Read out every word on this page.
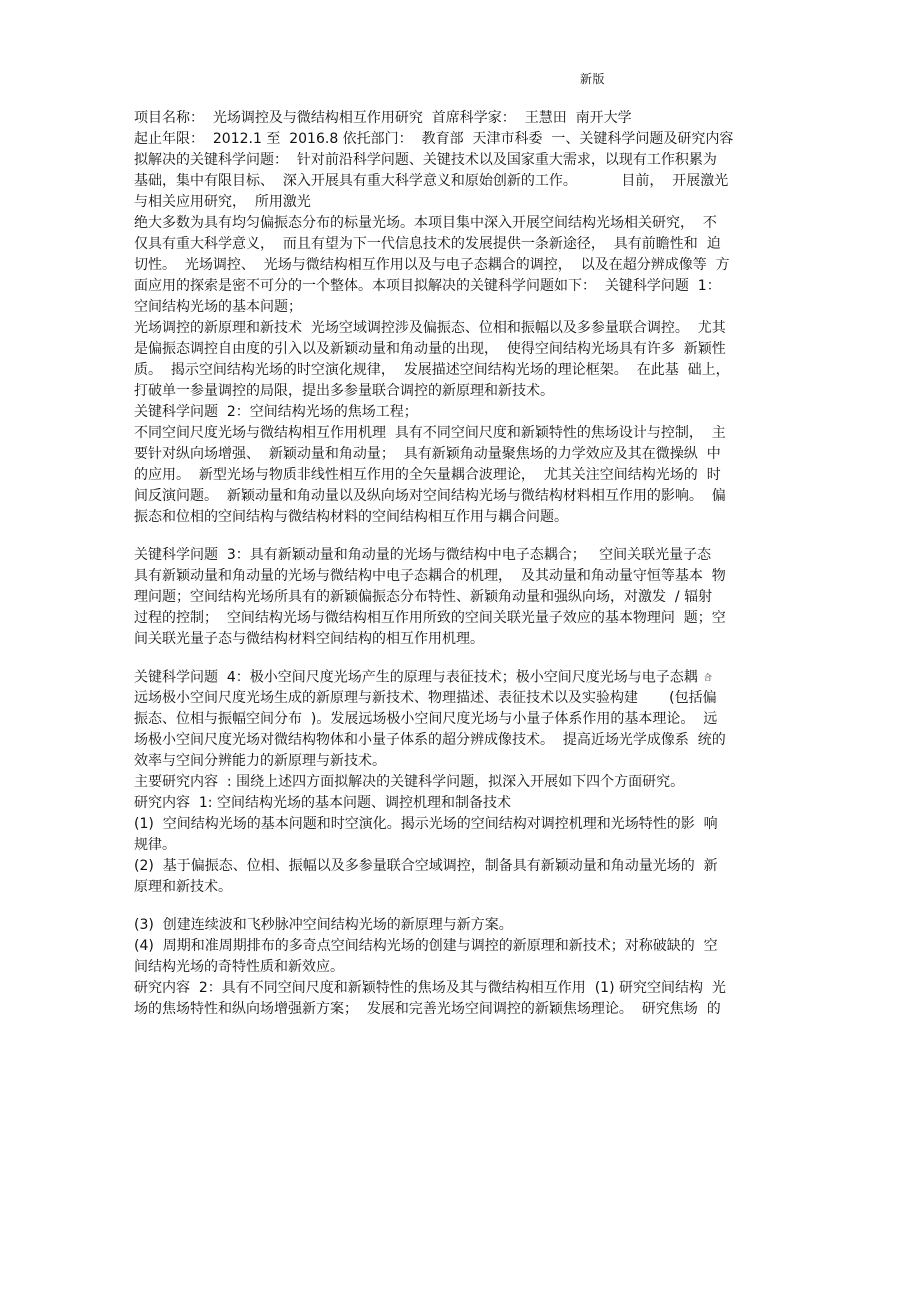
新版
项目名称：  光场调控及与微结构相互作用研究  首席科学家：  王慧田  南开大学
起止年限：  2012.1 至  2016.8 依托部门：  教育部  天津市科委  一、关键科学问题及研究内容
拟解决的关键科学问题：  针对前沿科学问题、关键技术以及国家重大需求，以现有工作积累为
基础，集中有限目标、  深入开展具有重大科学意义和原始创新的工作。          目前，  开展激光
与相关应用研究，  所用激光
绝大多数为具有均匀偏振态分布的标量光场。本项目集中深入开展空间结构光场相关研究，  不
仅具有重大科学意义，  而且有望为下一代信息技术的发展提供一条新途径，  具有前瞻性和  迫
切性。  光场调控、  光场与微结构相互作用以及与电子态耦合的调控，  以及在超分辨成像等  方
面应用的探索是密不可分的一个整体。本项目拟解决的关键科学问题如下：  关键科学问题  1：
空间结构光场的基本问题；
光场调控的新原理和新技术  光场空域调控涉及偏振态、位相和振幅以及多参量联合调控。  尤其
是偏振态调控自由度的引入以及新颖动量和角动量的出现，  使得空间结构光场具有许多  新颖性
质。  揭示空间结构光场的时空演化规律，  发展描述空间结构光场的理论框架。  在此基  础上，
打破单一参量调控的局限，提出多参量联合调控的新原理和新技术。
关键科学问题  2：空间结构光场的焦场工程；
不同空间尺度光场与微结构相互作用机理  具有不同空间尺度和新颖特性的焦场设计与控制，  主
要针对纵向场增强、  新颖动量和角动量；  具有新颖角动量聚焦场的力学效应及其在微操纵  中
的应用。  新型光场与物质非线性相互作用的全矢量耦合波理论，  尤其关注空间结构光场的  时
间反演问题。  新颖动量和角动量以及纵向场对空间结构光场与微结构材料相互作用的影响。  偏
振态和位相的空间结构与微结构材料的空间结构相互作用与耦合问题。
关键科学问题  3：具有新颖动量和角动量的光场与微结构中电子态耦合；   空间关联光量子态
具有新颖动量和角动量的光场与微结构中电子态耦合的机理，  及其动量和角动量守恒等基本  物
理问题；空间结构光场所具有的新颖偏振态分布特性、新颖角动量和强纵向场，对激发  / 辐射
过程的控制；  空间结构光场与微结构相互作用所致的空间关联光量子效应的基本物理问  题；空
间关联光量子态与微结构材料空间结构的相互作用机理。
关键科学问题  4：极小空间尺度光场产生的原理与表征技术；极小空间尺度光场与电子态耦 合
远场极小空间尺度光场生成的新原理与新技术、物理描述、表征技术以及实验构建       (包括偏
振态、位相与振幅空间分布  )。发展远场极小空间尺度光场与小量子体系作用的基本理论。  远
场极小空间尺度光场对微结构物体和小量子体系的超分辨成像技术。  提高近场光学成像系  统的
效率与空间分辨能力的新原理与新技术。
主要研究内容  : 围绕上述四方面拟解决的关键科学问题，拟深入开展如下四个方面研究。
研究内容  1: 空间结构光场的基本问题、调控机理和制备技术
(1)  空间结构光场的基本问题和时空演化。揭示光场的空间结构对调控机理和光场特性的影  响
规律。
(2)  基于偏振态、位相、振幅以及多参量联合空域调控，制备具有新颖动量和角动量光场的  新
原理和新技术。
(3)  创建连续波和飞秒脉冲空间结构光场的新原理与新方案。
(4)  周期和准周期排布的多奇点空间结构光场的创建与调控的新原理和新技术；对称破缺的  空
间结构光场的奇特性质和新效应。
研究内容  2：具有不同空间尺度和新颖特性的焦场及其与微结构相互作用  (1) 研究空间结构  光
场的焦场特性和纵向场增强新方案；  发展和完善光场空间调控的新颖焦场理论。  研究焦场  的
